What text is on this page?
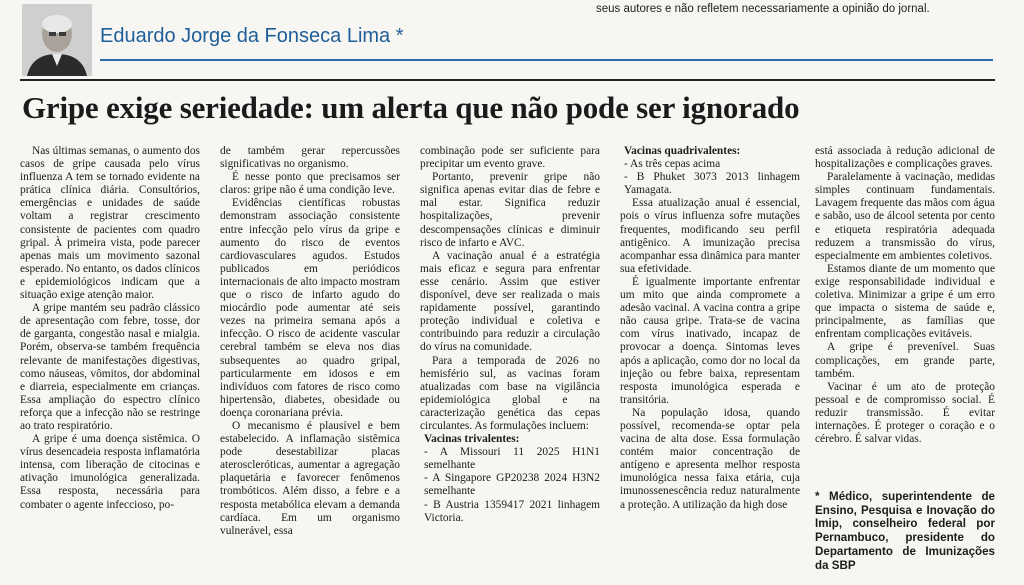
seus autores e não refletem necessariamente a opinião do jornal.
Eduardo Jorge da Fonseca Lima *
Gripe exige seriedade: um alerta que não pode ser ignorado

Nas últimas semanas, o aumento dos casos de gripe causada pelo vírus influenza A tem se tornado evidente na prática clínica diária. Consultórios, emergências e unidades de saúde voltam a registrar crescimento consistente de pacientes com quadro gripal. À primeira vista, pode parecer apenas mais um movimento sazonal esperado. No entanto, os dados clínicos e epidemiológicos indicam que a situação exige atenção maior.

A gripe mantém seu padrão clássico de apresentação com febre, tosse, dor de garganta, congestão nasal e mialgia. Porém, observa-se também frequência relevante de manifestações digestivas, como náuseas, vômitos, dor abdominal e diarreia, especialmente em crianças. Essa ampliação do espectro clínico reforça que a infecção não se restringe ao trato respiratório.

A gripe é uma doença sistêmica. O vírus desencadeia resposta inflamatória intensa, com liberação de citocinas e ativação imunológica generalizada. Essa resposta, necessária para combater o agente infeccioso, po-

de também gerar repercussões significativas no organismo.

É nesse ponto que precisamos ser claros: gripe não é uma condição leve.

Evidências científicas robustas demonstram associação consistente entre infecção pelo vírus da gripe e aumento do risco de eventos cardiovasculares agudos. Estudos publicados em periódicos internacionais de alto impacto mostram que o risco de infarto agudo do miocárdio pode aumentar até seis vezes na primeira semana após a infecção. O risco de acidente vascular cerebral também se eleva nos dias subsequentes ao quadro gripal, particularmente em idosos e em indivíduos com fatores de risco como hipertensão, diabetes, obesidade ou doença coronariana prévia.

O mecanismo é plausível e bem estabelecido. A inflamação sistêmica pode desestabilizar placas ateroscleróticas, aumentar a agregação plaquetária e favorecer fenômenos trombóticos. Além disso, a febre e a resposta metabólica elevam a demanda cardíaca. Em um organismo vulnerável, essa

combinação pode ser suficiente para precipitar um evento grave.

Portanto, prevenir gripe não significa apenas evitar dias de febre e mal estar. Significa reduzir hospitalizações, prevenir descompensações clínicas e diminuir risco de infarto e AVC.

A vacinação anual é a estratégia mais eficaz e segura para enfrentar esse cenário. Assim que estiver disponível, deve ser realizada o mais rapidamente possível, garantindo proteção individual e coletiva e contribuindo para reduzir a circulação do vírus na comunidade.

Para a temporada de 2026 no hemisfério sul, as vacinas foram atualizadas com base na vigilância epidemiológica global e na caracterização genética das cepas circulantes. As formulações incluem:

Vacinas trivalentes:

- A Missouri 11 2025 H1N1 semelhante

- A Singapore GP20238 2024 H3N2 semelhante

- B Austria 1359417 2021 linhagem Victoria.

Vacinas quadrivalentes:

- As três cepas acima

- B Phuket 3073 2013 linhagem Yamagata.

Essa atualização anual é essencial, pois o vírus influenza sofre mutações frequentes, modificando seu perfil antigênico. A imunização precisa acompanhar essa dinâmica para manter sua efetividade.

É igualmente importante enfrentar um mito que ainda compromete a adesão vacinal. A vacina contra a gripe não causa gripe. Trata-se de vacina com vírus inativado, incapaz de provocar a doença. Sintomas leves após a aplicação, como dor no local da injeção ou febre baixa, representam resposta imunológica esperada e transitória.

Na população idosa, quando possível, recomenda-se optar pela vacina de alta dose. Essa formulação contém maior concentração de antígeno e apresenta melhor resposta imunológica nessa faixa etária, cuja imunossenescência reduz naturalmente a proteção. A utilização da high dose

está associada à redução adicional de hospitalizações e complicações graves.

Paralelamente à vacinação, medidas simples continuam fundamentais. Lavagem frequente das mãos com água e sabão, uso de álcool setenta por cento e etiqueta respiratória adequada reduzem a transmissão do vírus, especialmente em ambientes coletivos.

Estamos diante de um momento que exige responsabilidade individual e coletiva. Minimizar a gripe é um erro que impacta o sistema de saúde e, principalmente, as famílias que enfrentam complicações evitáveis.

A gripe é prevenível. Suas complicações, em grande parte, também.

Vacinar é um ato de proteção pessoal e de compromisso social. É reduzir transmissão. É evitar internações. É proteger o coração e o cérebro. É salvar vidas.

* Médico, superintendente de Ensino, Pesquisa e Inovação do Imip, conselheiro federal por Pernambuco, presidente do Departamento de Imunizações da SBP
